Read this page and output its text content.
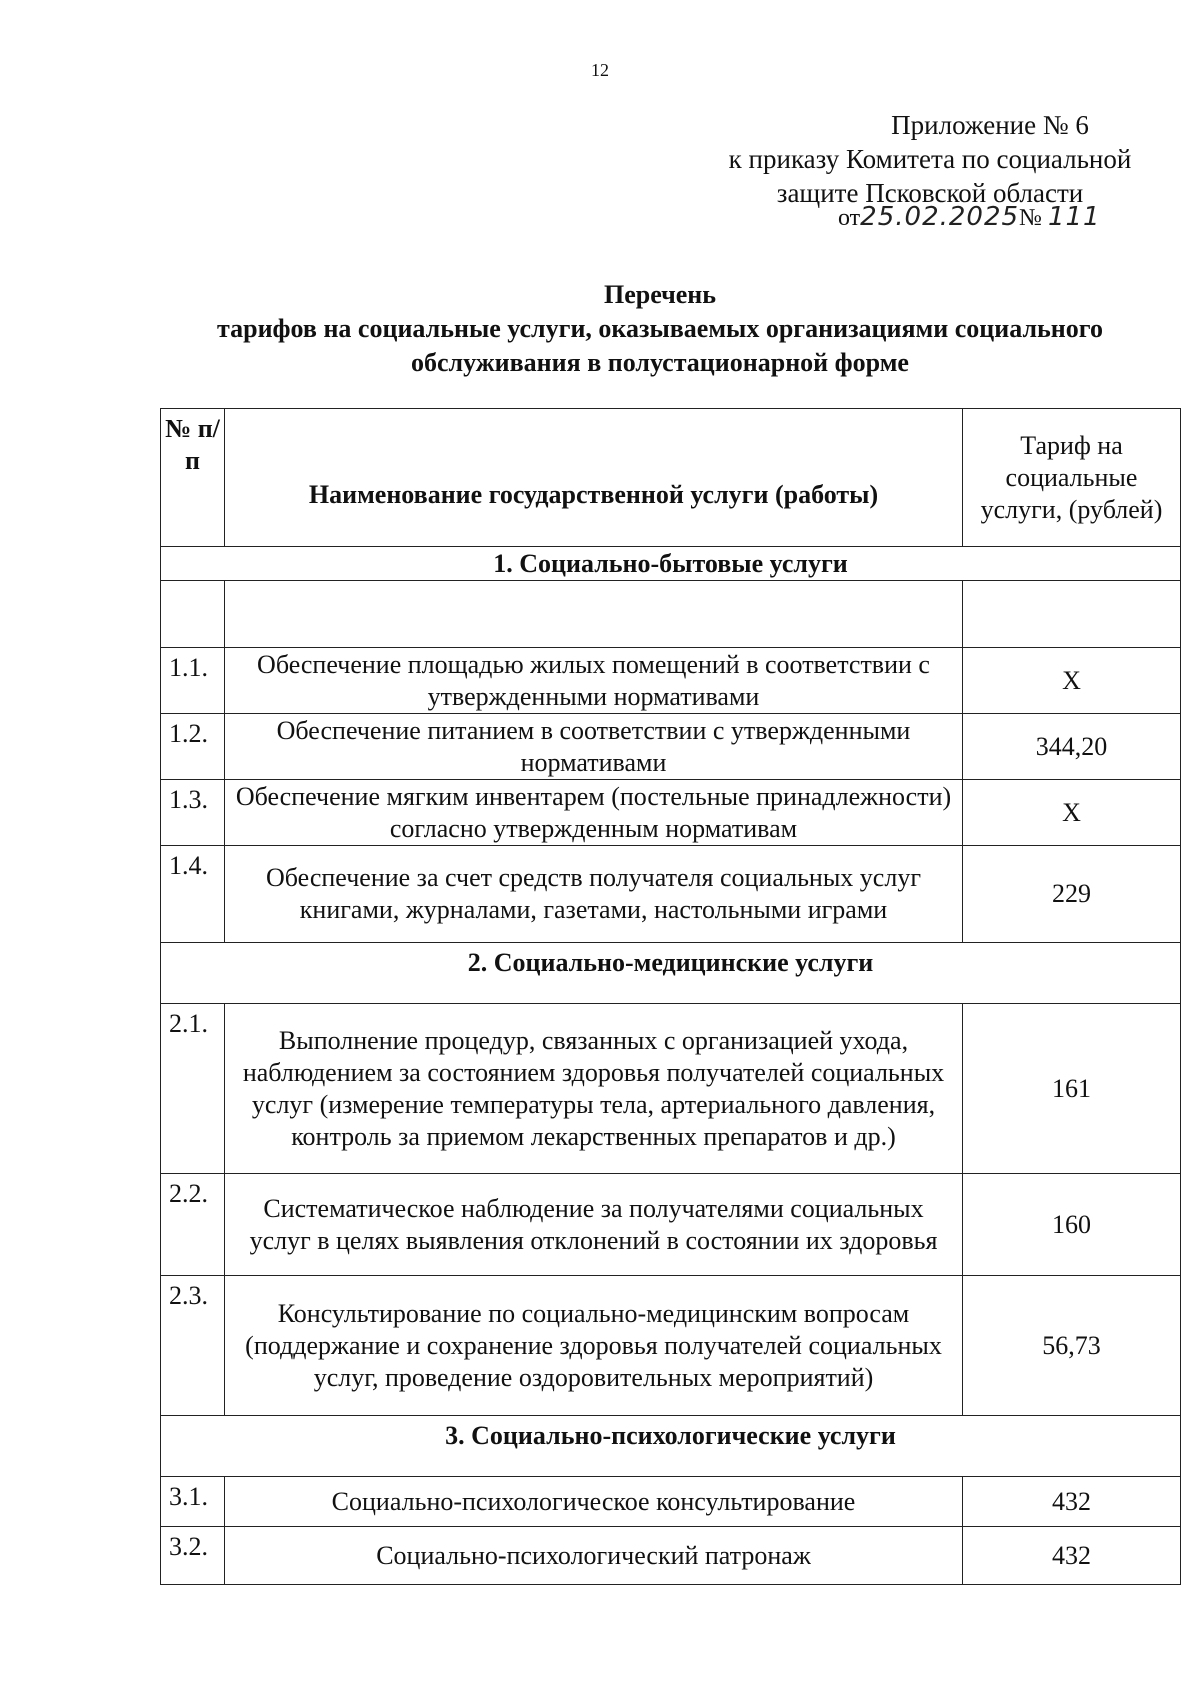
12
Приложение № 6
к приказу Комитета по социальной
защите Псковской области
от25.02.2025№ 111
Перечень
тарифов на социальные услуги, оказываемых организациями социального
обслуживания в полустационарной форме
№ п/п	Наименование государственной услуги (работы)	Тариф на социальные услуги, (рублей)
1. Социально-бытовые услуги		

1.1.	Обеспечение площадью жилых помещений в соответствии с утвержденными нормативами	Х
1.2.	Обеспечение питанием в соответствии с утвержденными нормативами	344,20
1.3.	Обеспечение мягким инвентарем (постельные принадлежности) согласно утвержденным нормативам	Х
1.4.	Обеспечение за счет средств получателя социальных услуг книгами, журналами, газетами, настольными играми	229
2. Социально-медицинские услуги		
2.1.	Выполнение процедур, связанных с организацией ухода, наблюдением за состоянием здоровья получателей социальных услуг (измерение температуры тела, артериального давления, контроль за приемом лекарственных препаратов и др.)	161
2.2.	Систематическое наблюдение за получателями социальных услуг в целях выявления отклонений в состоянии их здоровья	160
2.3.	Консультирование по социально-медицинским вопросам (поддержание и сохранение здоровья получателей социальных услуг, проведение оздоровительных мероприятий)	56,73
3. Социально-психологические услуги		
3.1.	Социально-психологическое консультирование	432
3.2.	Социально-психологический патронаж	432
